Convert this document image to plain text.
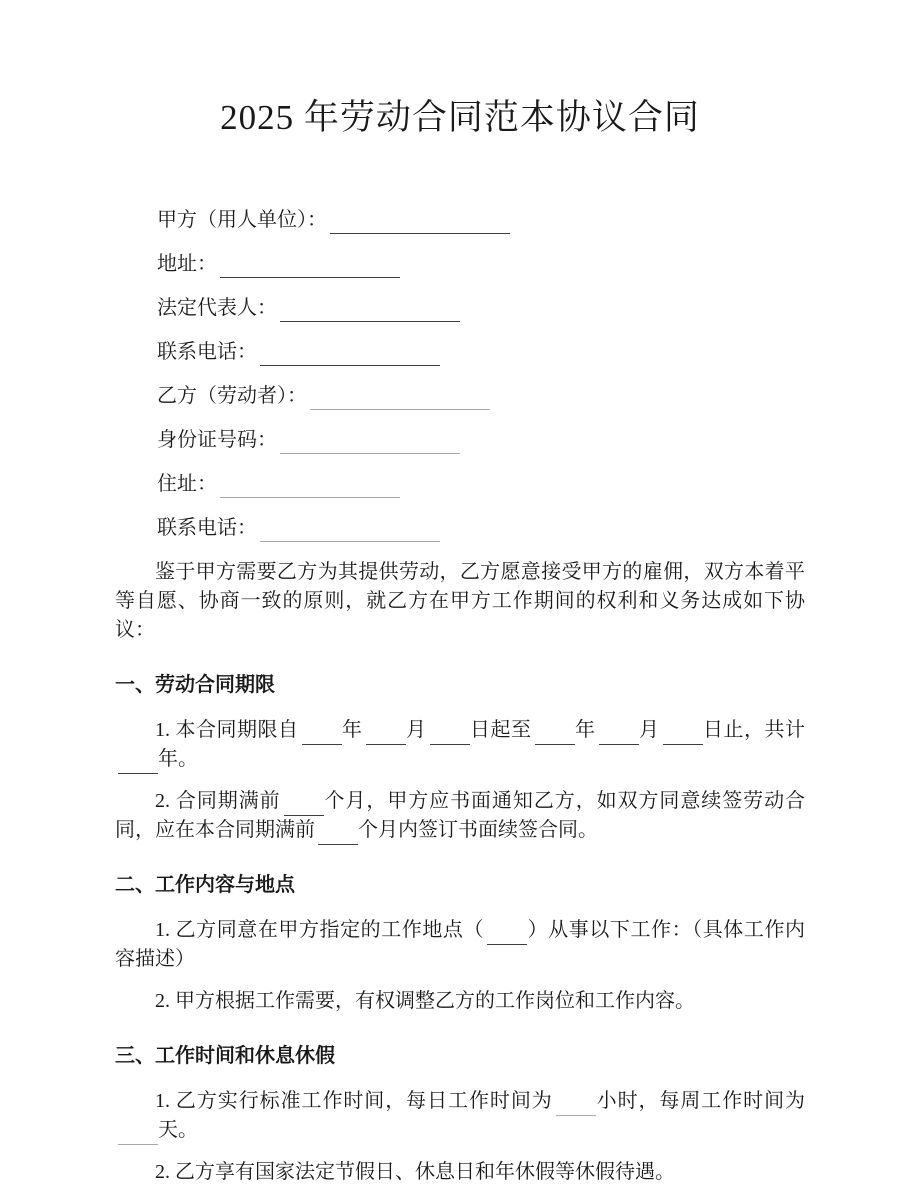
2025 年劳动合同范本协议合同
甲方（用人单位）：
地址：
法定代表人：
联系电话：
乙方（劳动者）：
身份证号码：
住址：
联系电话：

鉴于甲方需要乙方为其提供劳动，乙方愿意接受甲方的雇佣，双方本着平等自愿、协商一致的原则，就乙方在甲方工作期间的权利和义务达成如下协议：

一、劳动合同期限

1. 本合同期限自 年 月 日起至 年 月 日止，共计年。

2. 合同期满前 个月，甲方应书面通知乙方，如双方同意续签劳动合同，应在本合同期满前 个月内签订书面续签合同。

二、工作内容与地点

1. 乙方同意在甲方指定的工作地点（ ）从事以下工作：（具体工作内容描述）

2. 甲方根据工作需要，有权调整乙方的工作岗位和工作内容。

三、工作时间和休息休假

1. 乙方实行标准工作时间，每日工作时间为 小时，每周工作时间为天。

2. 乙方享有国家法定节假日、休息日和年休假等休假待遇。
